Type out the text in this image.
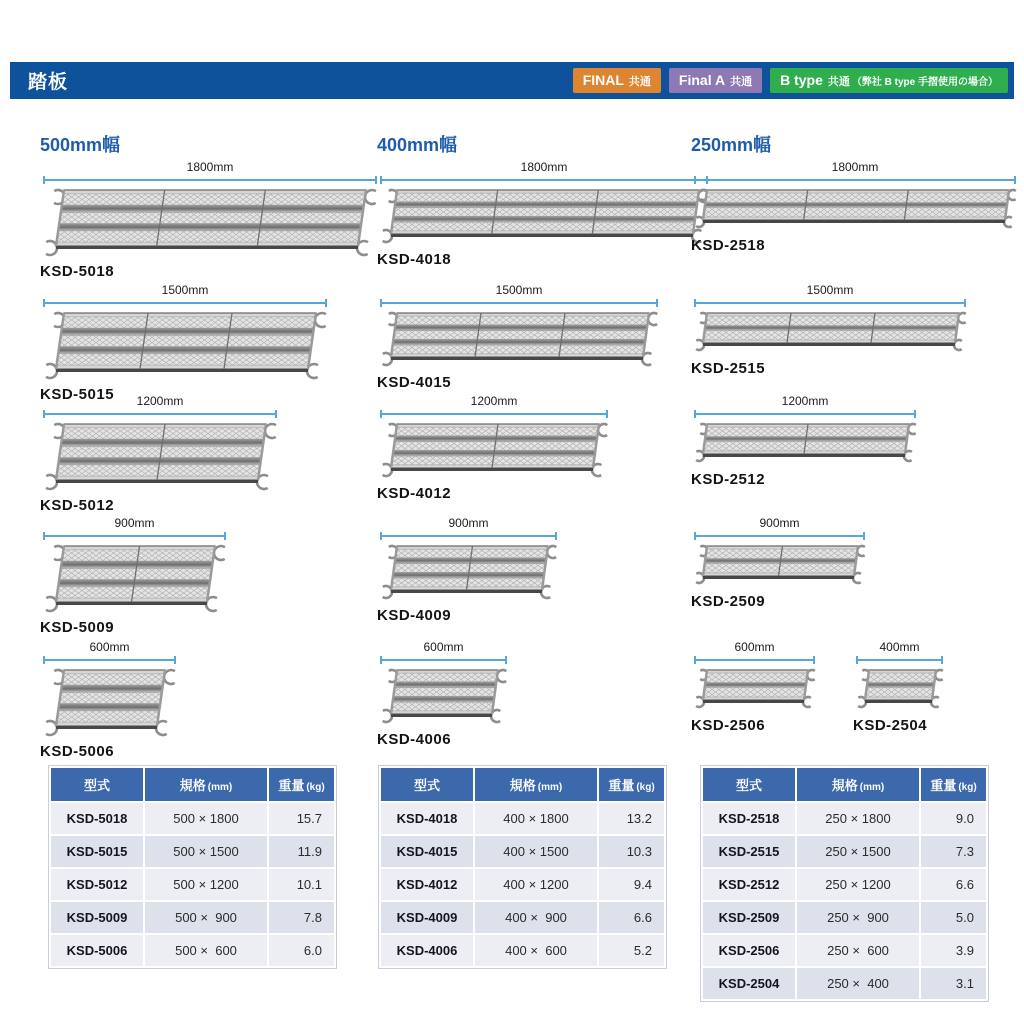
踏板	FINAL 共通 Final A 共通 B type 共通 （弊社 B type 手摺使用の場合）
500mm幅	400mm幅	250mm幅
1800mm
KSD-5018
1500mm
KSD-5015	1200mm
KSD-5012
900mm
KSD-5009
600mm
KSD-5006
1800mm
KSD-4018
1500mm
KSD-4015
1200mm
KSD-4012
900mm
KSD-4009
600mm
KSD-4006
1800mm
KSD-2518
1500mm
KSD-2515
1200mm
KSD-2512
900mm
KSD-2509
600mm
KSD-2506
400mm
KSD-2504
型式	規格 (mm)	重量 (kg)
KSD-5018	500 × 1800	15.7
KSD-5015	500 × 1500	11.9
KSD-5012	500 × 1200	10.1
KSD-5009	500 ×  900	7.8
KSD-5006	500 ×  600	6.0
型式	規格 (mm)	重量 (kg)
KSD-4018	400 × 1800	13.2
KSD-4015	400 × 1500	10.3
KSD-4012	400 × 1200	9.4
KSD-4009	400 ×  900	6.6
KSD-4006	400 ×  600	5.2
型式	規格 (mm)	重量 (kg)
KSD-2518	250 × 1800	9.0
KSD-2515	250 × 1500	7.3
KSD-2512	250 × 1200	6.6
KSD-2509	250 ×  900	5.0
KSD-2506	250 ×  600	3.9
KSD-2504	250 ×  400	3.1
